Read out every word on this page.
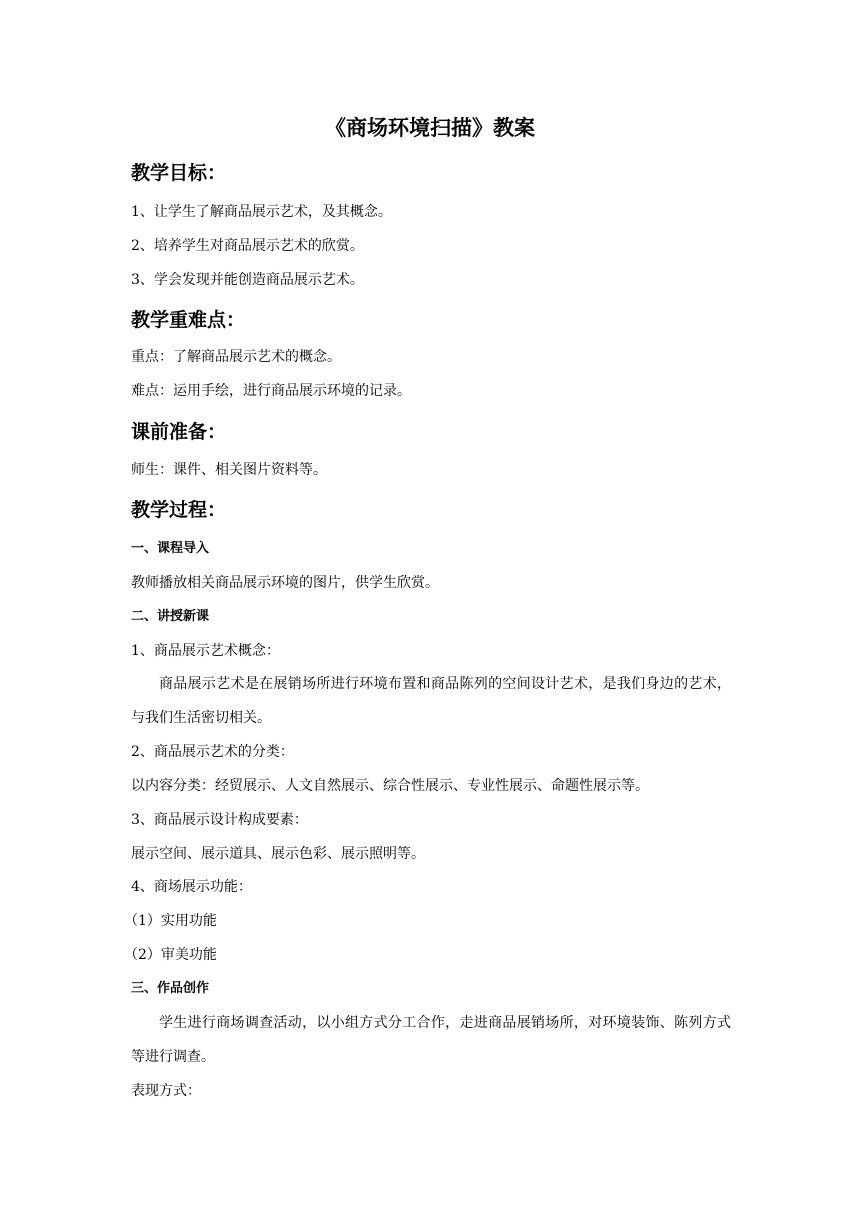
《商场环境扫描》教案
教学目标：
1、让学生了解商品展示艺术，及其概念。
2、培养学生对商品展示艺术的欣赏。
3、学会发现并能创造商品展示艺术。
教学重难点：
重点：了解商品展示艺术的概念。
难点：运用手绘，进行商品展示环境的记录。
课前准备：
师生：课件、相关图片资料等。
教学过程：
一、课程导入
教师播放相关商品展示环境的图片，供学生欣赏。
二、讲授新课
1、商品展示艺术概念：
商品展示艺术是在展销场所进行环境布置和商品陈列的空间设计艺术，是我们身边的艺术，与我们生活密切相关。
2、商品展示艺术的分类：
以内容分类：经贸展示、人文自然展示、综合性展示、专业性展示、命题性展示等。
3、商品展示设计构成要素：
展示空间、展示道具、展示色彩、展示照明等。
4、商场展示功能：
（1）实用功能
（2）审美功能
三、作品创作
学生进行商场调查活动，以小组方式分工合作，走进商品展销场所，对环境装饰、陈列方式等进行调查。
表现方式：
